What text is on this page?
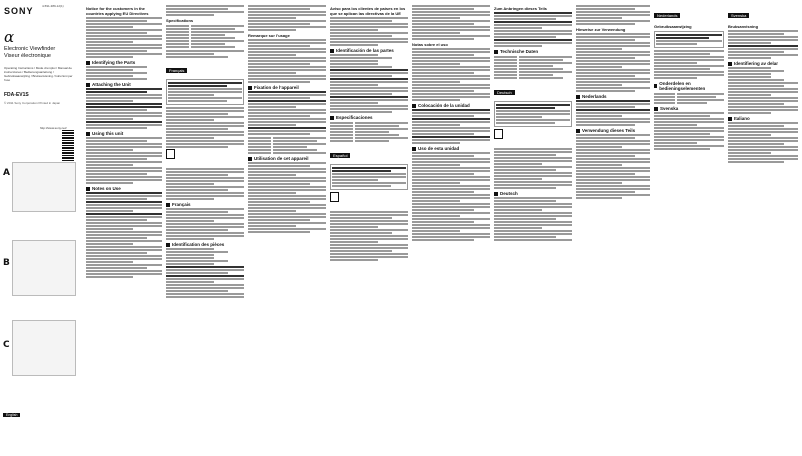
SONY	4-591-389-12(1)
α
Electronic Viewfinder
Viseur électronique
Operating Instructions / Mode d’emploi / Manual de instrucciones / Bedienungsanleitung / Gebruiksaanwijzing / Bruksanvisning / Istruzioni per l’uso
FDA-EV1S
© 2011 Sony Corporation Printed in Japan
http://www.sony.net/
A
B
C
English
Notice for the customers in the countries applying EU Directives
Identifying the Parts
Attaching the Unit
Using this unit
Notes on Use
Specifications
Français
Français
Identification des pièces
Remarque sur l’usage
Fixation de l’appareil
Utilisation de cet appareil
Aviso para los clientes de países en los que se aplican las directivas de la UE
Identificación de las partes
Especificaciones
Español
Notas sobre el uso
Colocación de la unidad
Uso de esta unidad
Zum Anbringen dieses Teils
Technische Daten
Deutsch
Deutsch
Hinweise zur Verwendung
Nederlands
Verwendung dieses Teils
Nederlands
Gebruiksaanwijzing
Onderdelen en bedieningselementen
Svenska
Svenska
Bruksanvisning
Identifiering av delar
Italiano
